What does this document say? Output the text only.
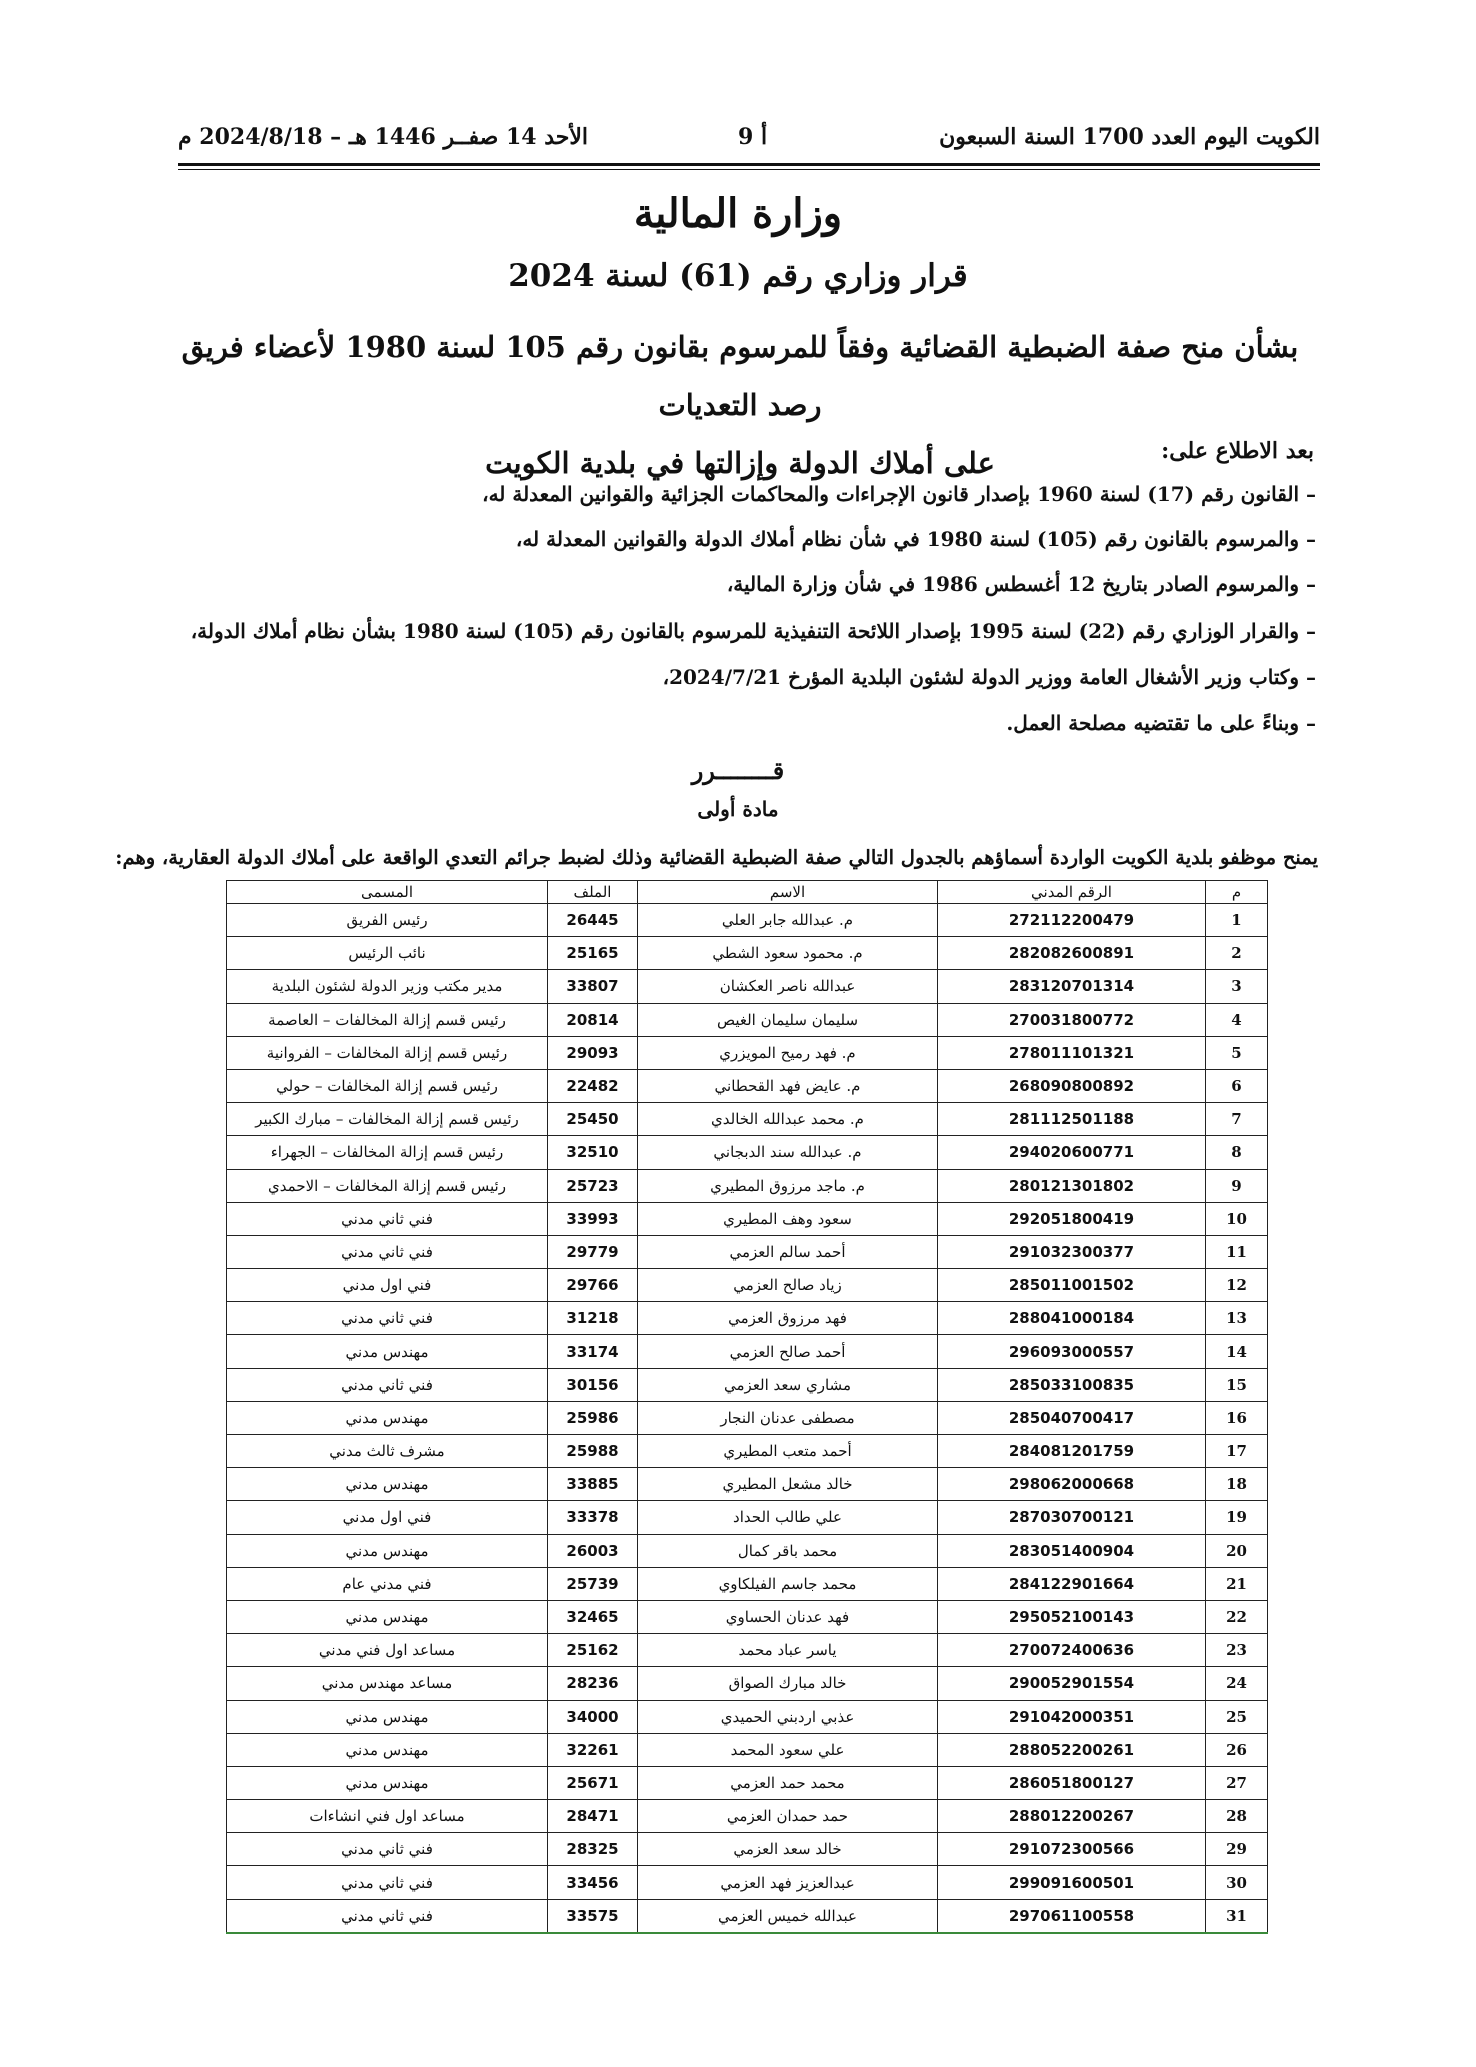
الكويت اليوم العدد 1700 السنة السبعون
أ 9
الأحد 14 صفــر 1446 هـ – 2024/8/18 م
وزارة المالية
قرار وزاري رقم (61) لسنة 2024
بشأن منح صفة الضبطية القضائية وفقاً للمرسوم بقانون رقم 105 لسنة 1980 لأعضاء فريق رصد التعديات
على أملاك الدولة وإزالتها في بلدية الكويت	بعد الاطلاع على:
– القانون رقم (17) لسنة 1960 بإصدار قانون الإجراءات والمحاكمات الجزائية والقوانين المعدلة له،
– والمرسوم بالقانون رقم (105) لسنة 1980 في شأن نظام أملاك الدولة والقوانين المعدلة له،
– والمرسوم الصادر بتاريخ 12 أغسطس 1986 في شأن وزارة المالية،
– والقرار الوزاري رقم (22) لسنة 1995 بإصدار اللائحة التنفيذية للمرسوم بالقانون رقم (105) لسنة 1980 بشأن نظام أملاك الدولة،
– وكتاب وزير الأشغال العامة ووزير الدولة لشئون البلدية المؤرخ 2024/7/21،
– وبناءً على ما تقتضيه مصلحة العمل.
قــــــــرر
مادة أولى
يمنح موظفو بلدية الكويت الواردة أسماؤهم بالجدول التالي صفة الضبطية القضائية وذلك لضبط جرائم التعدي الواقعة على أملاك الدولة العقارية، وهم:
م	الرقم المدني	الاسم	الملف	المسمى
1	272112200479	م. عبدالله جابر العلي	26445	رئيس الفريق
2	282082600891	م. محمود سعود الشطي	25165	نائب الرئيس
3	283120701314	عبدالله ناصر العكشان	33807	مدير مكتب وزير الدولة لشئون البلدية
4	270031800772	سليمان سليمان الغيص	20814	رئيس قسم إزالة المخالفات – العاصمة
5	278011101321	م. فهد رميح المويزري	29093	رئيس قسم إزالة المخالفات – الفروانية
6	268090800892	م. عايض فهد القحطاني	22482	رئيس قسم إزالة المخالفات – حولي
7	281112501188	م. محمد عبدالله الخالدي	25450	رئيس قسم إزالة المخالفات – مبارك الكبير
8	294020600771	م. عبدالله سند الدبجاني	32510	رئيس قسم إزالة المخالفات – الجهراء
9	280121301802	م. ماجد مرزوق المطيري	25723	رئيس قسم إزالة المخالفات – الاحمدي
10	292051800419	سعود وهف المطيري	33993	فني ثاني مدني
11	291032300377	أحمد سالم العزمي	29779	فني ثاني مدني
12	285011001502	زياد صالح العزمي	29766	فني اول مدني
13	288041000184	فهد مرزوق العزمي	31218	فني ثاني مدني
14	296093000557	أحمد صالح العزمي	33174	مهندس مدني
15	285033100835	مشاري سعد العزمي	30156	فني ثاني مدني
16	285040700417	مصطفى عدنان النجار	25986	مهندس مدني
17	284081201759	أحمد متعب المطيري	25988	مشرف ثالث مدني
18	298062000668	خالد مشعل المطيري	33885	مهندس مدني
19	287030700121	علي طالب الحداد	33378	فني اول مدني
20	283051400904	محمد باقر كمال	26003	مهندس مدني
21	284122901664	محمد جاسم الفيلكاوي	25739	فني مدني عام
22	295052100143	فهد عدنان الحساوي	32465	مهندس مدني
23	270072400636	ياسر عباد محمد	25162	مساعد اول فني مدني
24	290052901554	خالد مبارك الصواق	28236	مساعد مهندس مدني
25	291042000351	عذبي اردبني الحميدي	34000	مهندس مدني
26	288052200261	علي سعود المحمد	32261	مهندس مدني
27	286051800127	محمد حمد العزمي	25671	مهندس مدني
28	288012200267	حمد حمدان العزمي	28471	مساعد اول فني انشاءات
29	291072300566	خالد سعد العزمي	28325	فني ثاني مدني
30	299091600501	عبدالعزيز فهد العزمي	33456	فني ثاني مدني
31	297061100558	عبدالله خميس العزمي	33575	فني ثاني مدني
